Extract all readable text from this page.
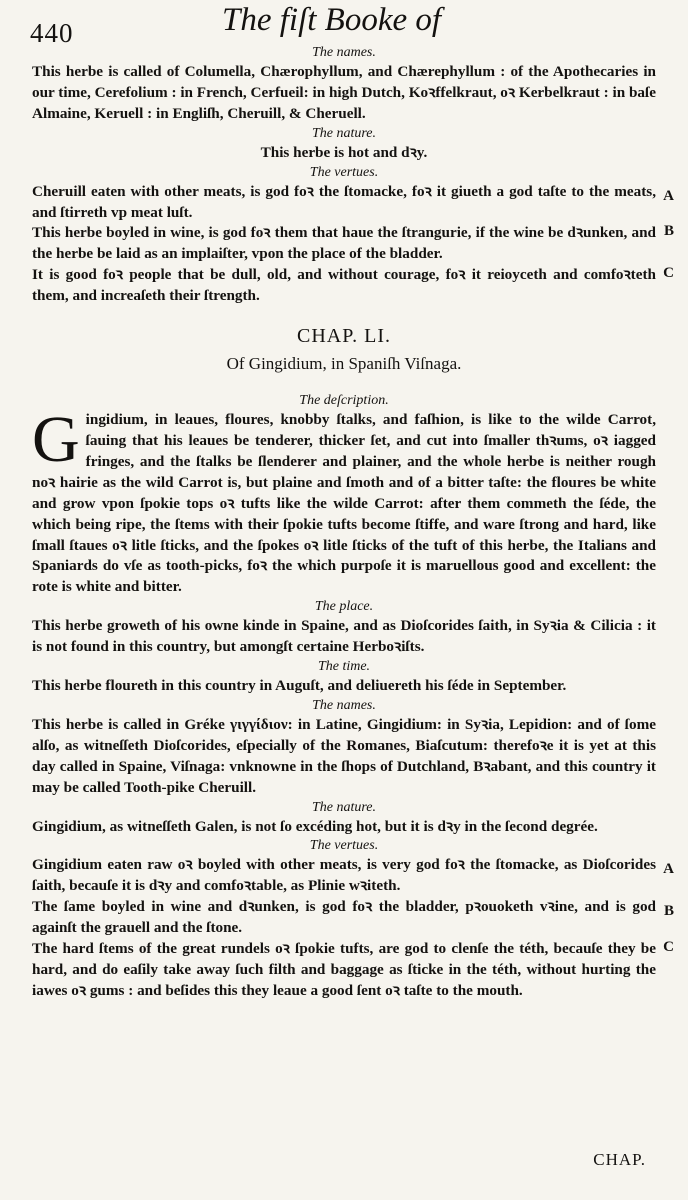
440	The fiſt Booke of

The names.

This herbe is called of Columella, Chærophyllum, and Chærephyllum : of the Apothecaries in our time, Cerefolium : in French, Cerfueil: in high Dutch, Koꝛffelkraut, oꝛ Kerbelkraut : in baſe Almaine, Keruell : in Engliſh, Cheruill, & Cheruell.

The nature.

This herbe is hot and dꝛy.

The vertues.

A

Cheruill eaten with other meats, is god foꝛ the ſtomacke, foꝛ it giueth a god taſte to the meats, and ſtirreth vp meat luſt.

B

This herbe boyled in wine, is god foꝛ them that haue the ſtrangurie, if the wine be dꝛunken, and the herbe be laid as an implaiſter, vpon the place of the bladder.

C

It is good foꝛ people that be dull, old, and without courage, foꝛ it reioyceth and comfoꝛteth them, and increaſeth their ſtrength.

CHAP. LI.
Of Gingidium, in Spaniſh Viſnaga.

The deſcription.

G ingidium, in leaues, floures, knobby ſtalks, and faſhion, is like to the wilde Carrot, ſauing that his leaues be tenderer, thicker ſet, and cut into ſmaller thꝛums, oꝛ iagged fringes, and the ſtalks be ſlenderer and plainer, and the whole herbe is neither rough noꝛ hairie as the wild Carrot is, but plaine and ſmoth and of a bitter taſte: the floures be white and grow vpon ſpokie tops oꝛ tufts like the wilde Carrot: after them commeth the ſéde, the which being ripe, the ſtems with their ſpokie tufts become ſtiffe, and ware ſtrong and hard, like ſmall ſtaues oꝛ litle ſticks, and the ſpokes oꝛ litle ſticks of the tuft of this herbe, the Italians and Spaniards do vſe as tooth-picks, foꝛ the which purpoſe it is maruellous good and excellent: the rote is white and bitter.

The place.

This herbe groweth of his owne kinde in Spaine, and as Dioſcorides ſaith, in Syꝛia & Cilicia : it is not found in this country, but amongſt certaine Herboꝛiſts.

The time.

This herbe floureth in this country in Auguſt, and deliuereth his ſéde in September.

The names.

This herbe is called in Gréke γιγγίδιον: in Latine, Gingidium: in Syꝛia, Lepidion: and of ſome alſo, as witneſſeth Dioſcorides, eſpecially of the Romanes, Biaſcutum: therefoꝛe it is yet at this day called in Spaine, Viſnaga: vnknowne in the ſhops of Dutchland, Bꝛabant, and this country it may be called Tooth-pike Cheruill.

The nature.

Gingidium, as witneſſeth Galen, is not ſo excéding hot, but it is dꝛy in the ſecond degrée.

The vertues.

A

Gingidium eaten raw oꝛ boyled with other meats, is very god foꝛ the ſtomacke, as Dioſcorides ſaith, becauſe it is dꝛy and comfoꝛtable, as Plinie wꝛiteth.

B

The ſame boyled in wine and dꝛunken, is god foꝛ the bladder, pꝛouoketh vꝛine, and is god againſt the grauell and the ſtone.

C

The hard ſtems of the great rundels oꝛ ſpokie tufts, are god to clenſe the téth, becauſe they be hard, and do eaſily take away ſuch filth and baggage as ſticke in the téth, without hurting the iawes oꝛ gums : and beſides this they leaue a good ſent oꝛ taſte to the mouth.

CHAP.
